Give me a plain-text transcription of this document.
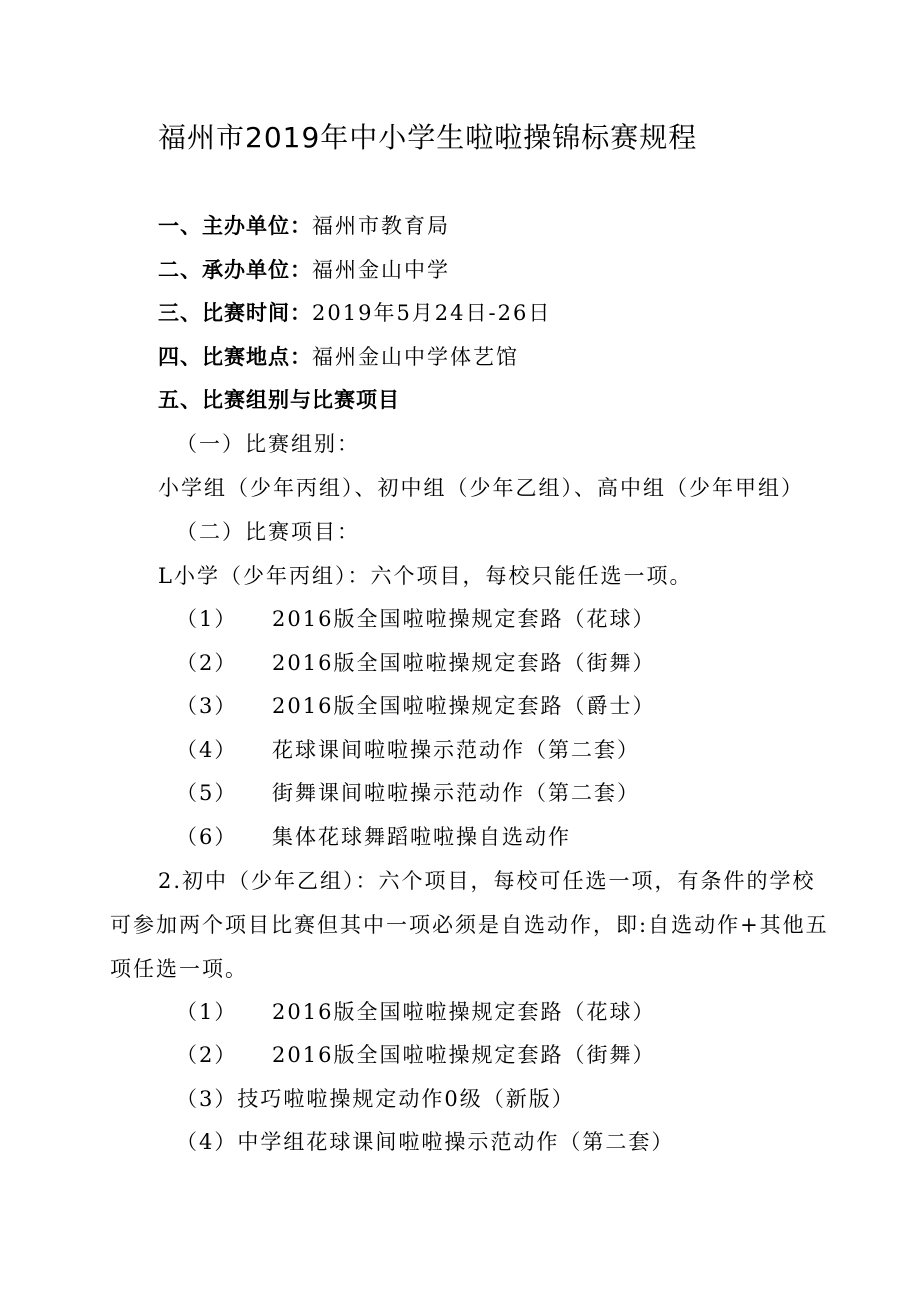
福州市2019年中小学生啦啦操锦标赛规程
一、主办单位：福州市教育局
二、承办单位：福州金山中学
三、比赛时间：2019年5月24日-26日
四、比赛地点：福州金山中学体艺馆
五、比赛组别与比赛项目
（一）比赛组别：
小学组（少年丙组）、初中组（少年乙组）、高中组（少年甲组）
（二）比赛项目：
L小学（少年丙组）：六个项目，每校只能任选一项。
（1） 2016版全国啦啦操规定套路（花球）
（2） 2016版全国啦啦操规定套路（街舞）
（3） 2016版全国啦啦操规定套路（爵士）
（4） 花球课间啦啦操示范动作（第二套）
（5） 街舞课间啦啦操示范动作（第二套）
（6） 集体花球舞蹈啦啦操自选动作
2.初中（少年乙组）：六个项目，每校可任选一项，有条件的学校
可参加两个项目比赛但其中一项必须是自选动作，即:自选动作+其他五
项任选一项。
（1） 2016版全国啦啦操规定套路（花球）
（2） 2016版全国啦啦操规定套路（街舞）
（3）技巧啦啦操规定动作0级（新版）
（4）中学组花球课间啦啦操示范动作（第二套）
